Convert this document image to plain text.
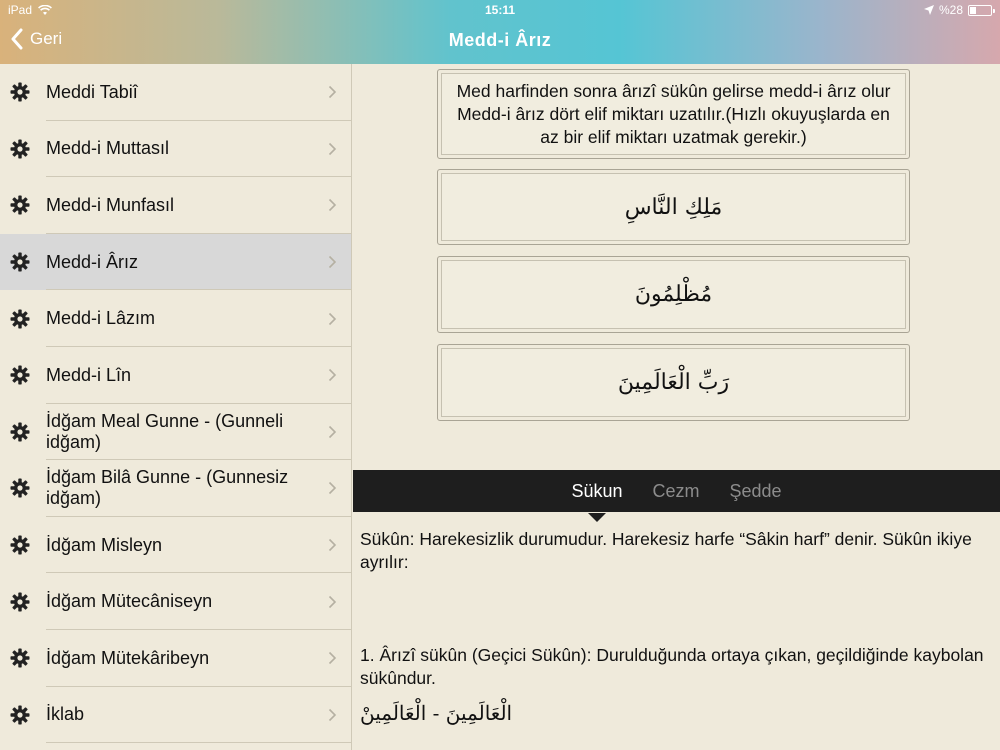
iPad	15:11	%28
Geri	Medd-i Ârız
Meddi Tabiî
Medd-i Muttasıl
Medd-i Munfasıl
Medd-i Ârız
Medd-i Lâzım
Medd-i Lîn
İdğam Meal Gunne - (Gunneli idğam)
İdğam Bilâ Gunne - (Gunnesiz idğam)
İdğam Misleyn
İdğam Mütecâniseyn
İdğam Mütekâribeyn
İklab
Med harfinden sonra ârızî sükûn gelirse medd-i ârız olur Medd-i ârız dört elif miktarı uzatılır.(Hızlı okuyuşlarda en az bir elif miktarı uzatmak gerekir.)
مَلِكِ النَّاسِ
مُظْلِمُونَ
رَبِّ الْعَالَمِينَ
Sükun Cezm Şedde

Sükûn: Harekesizlik durumudur. Harekesiz harfe “Sâkin harf” denir. Sükûn ikiye ayrılır:

1. Ârızî sükûn (Geçici Sükûn): Durulduğunda ortaya çıkan, geçildiğinde kaybolan sükûndur.

الْعَالَمِينَ - الْعَالَمِينْ
